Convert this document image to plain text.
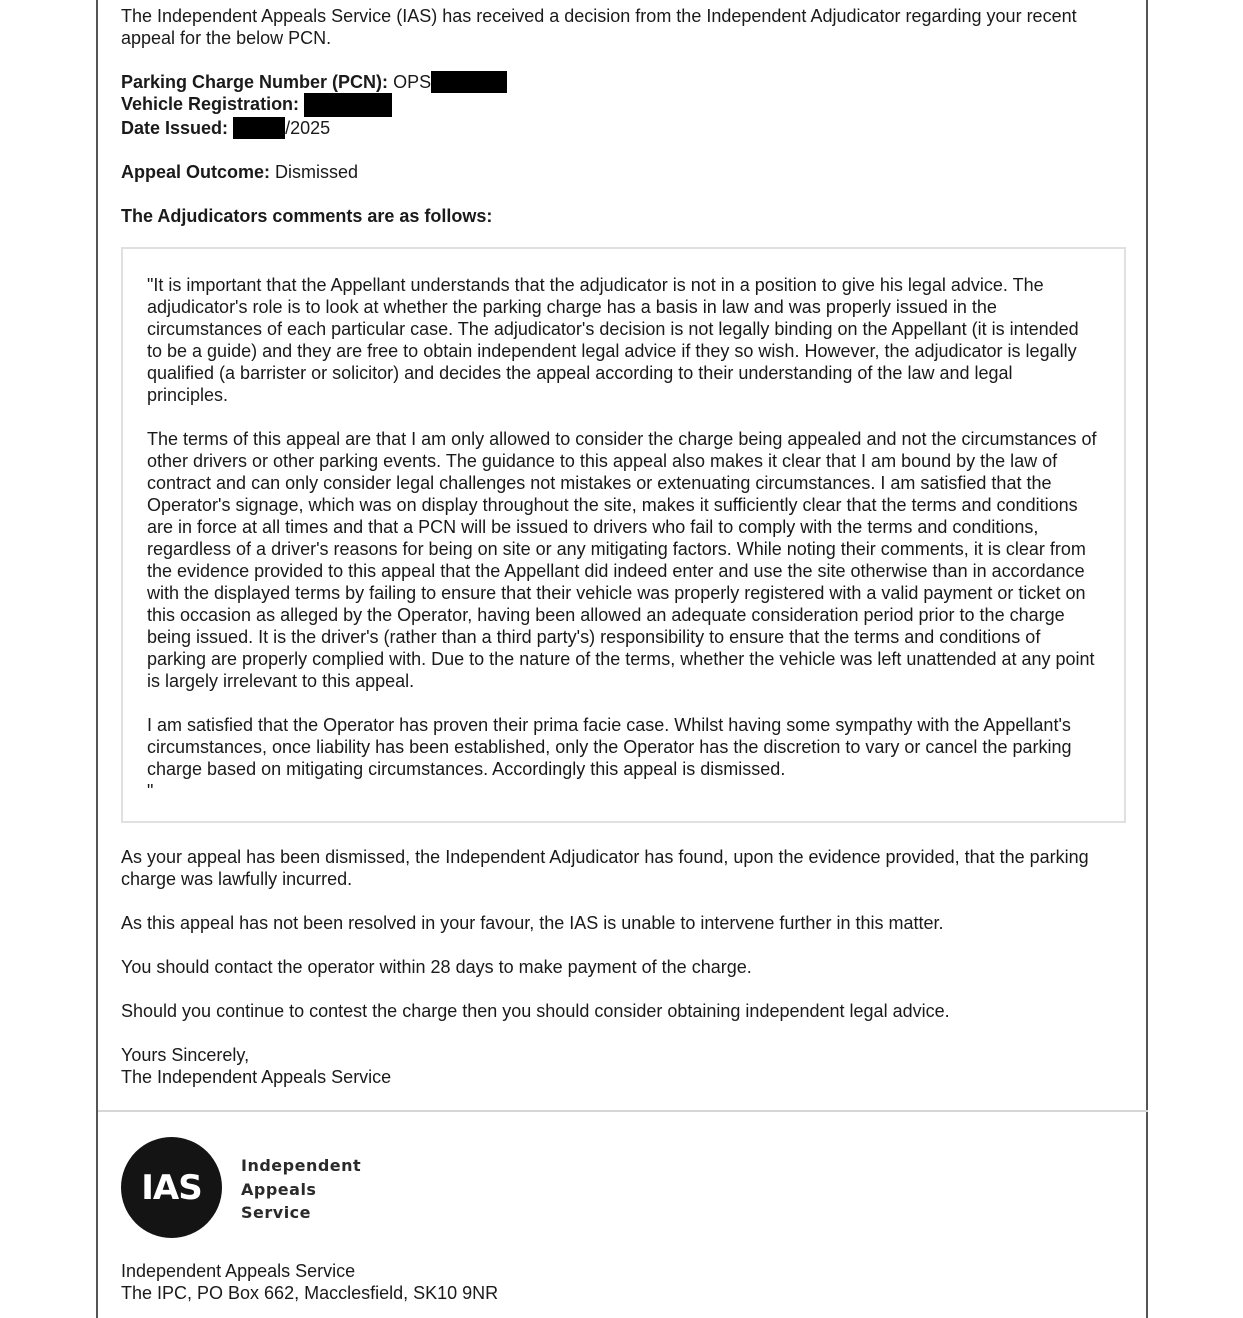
The Independent Appeals Service (IAS) has received a decision from the Independent Adjudicator regarding your recent appeal for the below PCN.

Parking Charge Number (PCN): OPS
Vehicle Registration:
Date Issued:	/2025

Appeal Outcome: Dismissed

The Adjudicators comments are as follows:

"It is important that the Appellant understands that the adjudicator is not in a position to give his legal advice. The adjudicator's role is to look at whether the parking charge has a basis in law and was properly issued in the circumstances of each particular case. The adjudicator's decision is not legally binding on the Appellant (it is intended to be a guide) and they are free to obtain independent legal advice if they so wish. However, the adjudicator is legally qualified (a barrister or solicitor) and decides the appeal according to their understanding of the law and legal principles.

The terms of this appeal are that I am only allowed to consider the charge being appealed and not the circumstances of other drivers or other parking events. The guidance to this appeal also makes it clear that I am bound by the law of contract and can only consider legal challenges not mistakes or extenuating circumstances. I am satisfied that the Operator's signage, which was on display throughout the site, makes it sufficiently clear that the terms and conditions are in force at all times and that a PCN will be issued to drivers who fail to comply with the terms and conditions, regardless of a driver's reasons for being on site or any mitigating factors. While noting their comments, it is clear from the evidence provided to this appeal that the Appellant did indeed enter and use the site otherwise than in accordance with the displayed terms by failing to ensure that their vehicle was properly registered with a valid payment or ticket on this occasion as alleged by the Operator, having been allowed an adequate consideration period prior to the charge being issued. It is the driver's (rather than a third party's) responsibility to ensure that the terms and conditions of parking are properly complied with. Due to the nature of the terms, whether the vehicle was left unattended at any point is largely irrelevant to this appeal.

I am satisfied that the Operator has proven their prima facie case. Whilst having some sympathy with the Appellant's circumstances, once liability has been established, only the Operator has the discretion to vary or cancel the parking charge based on mitigating circumstances. Accordingly this appeal is dismissed.

"

As your appeal has been dismissed, the Independent Adjudicator has found, upon the evidence provided, that the parking charge was lawfully incurred.

As this appeal has not been resolved in your favour, the IAS is unable to intervene further in this matter.

You should contact the operator within 28 days to make payment of the charge.

Should you continue to contest the charge then you should consider obtaining independent legal advice.

Yours Sincerely,

The Independent Appeals Service

IAS
Independent
Appeals
Service

Independent Appeals Service

The IPC, PO Box 662, Macclesfield, SK10 9NR
